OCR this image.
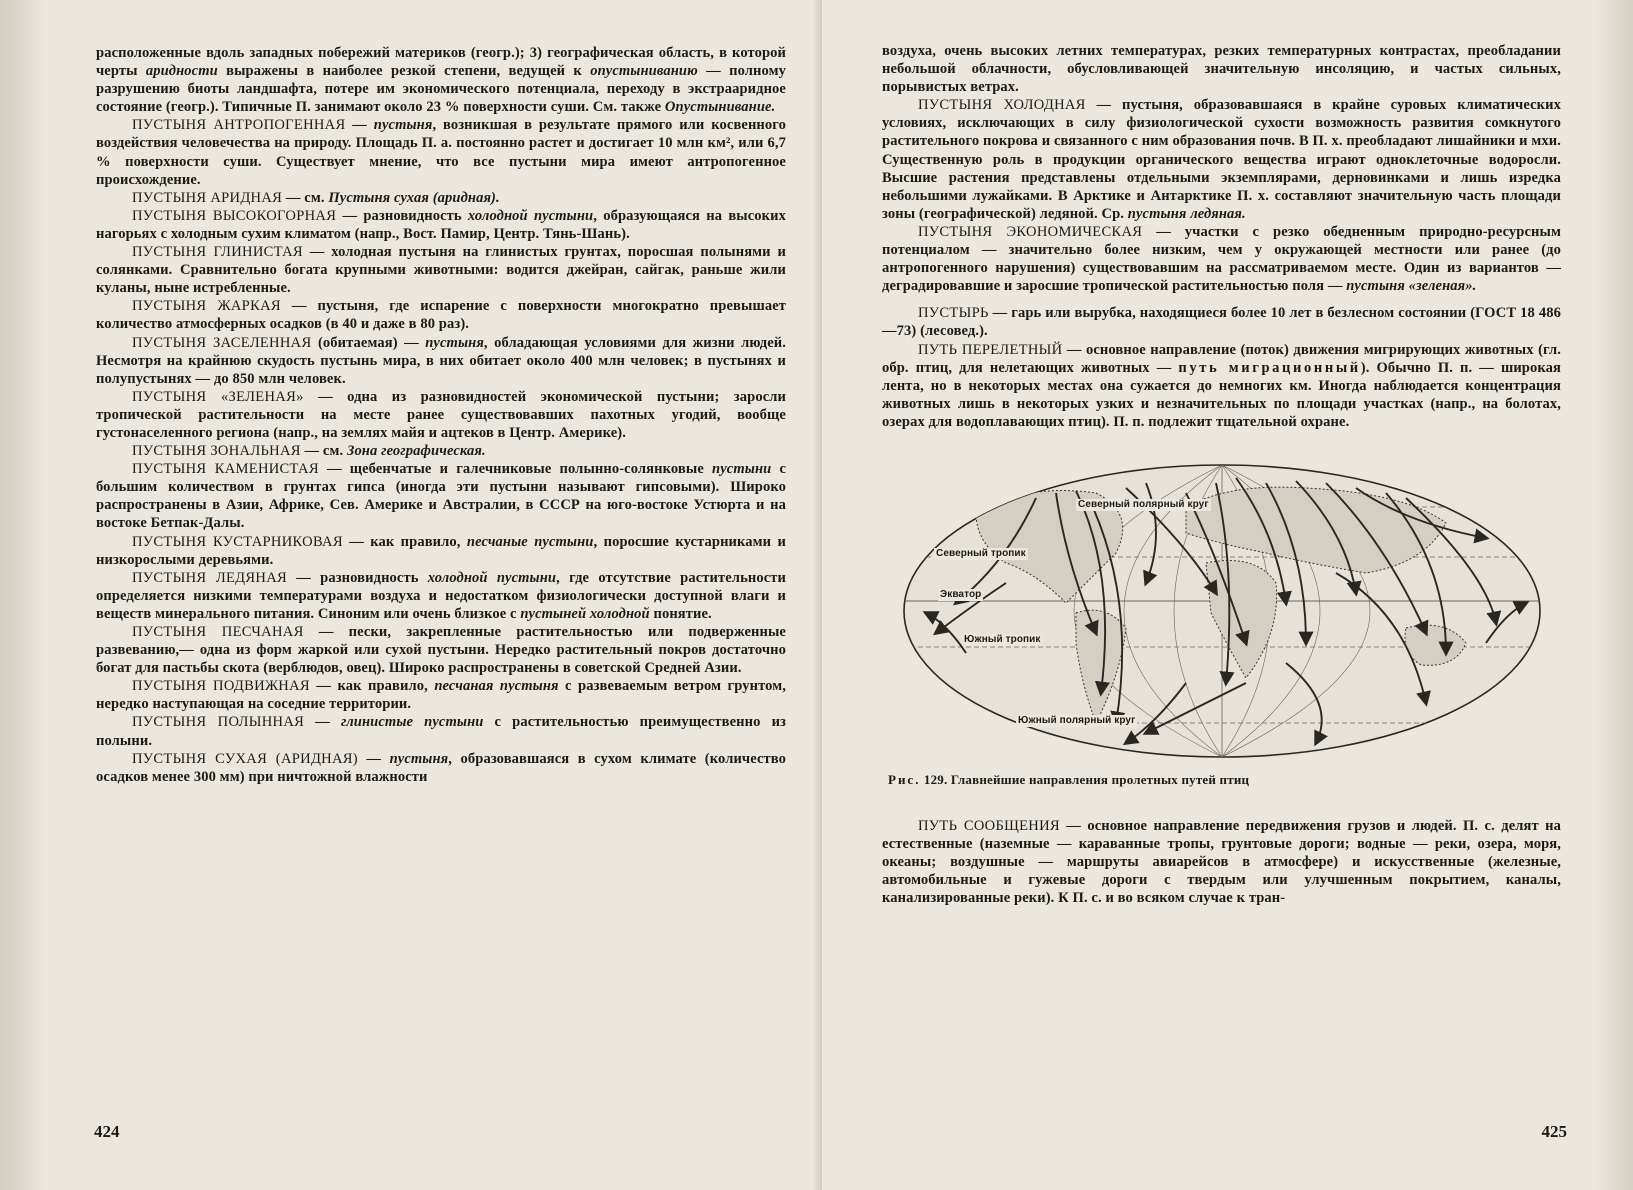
расположенные вдоль западных побережий материков (геогр.); 3) географическая область, в которой черты аридности выражены в наиболее резкой степени, ведущей к опустыниванию — полному разрушению биоты ландшафта, потере им экономического потенциала, переходу в экстрааридное состояние (геогр.). Типичные П. занимают около 23 % поверхности суши. См. также Опустынивание.

ПУСТЫНЯ АНТРОПОГЕННАЯ — пустыня, возникшая в результате прямого или косвенного воздействия человечества на природу. Площадь П. а. постоянно растет и достигает 10 млн км², или 6,7 % поверхности суши. Существует мнение, что все пустыни мира имеют антропогенное происхождение.

ПУСТЫНЯ АРИДНАЯ — см. Пустыня сухая (аридная).

ПУСТЫНЯ ВЫСОКОГОРНАЯ — разновидность холодной пустыни, образующаяся на высоких нагорьях с холодным сухим климатом (напр., Вост. Памир, Центр. Тянь-Шань).

ПУСТЫНЯ ГЛИНИСТАЯ — холодная пустыня на глинистых грунтах, поросшая полынями и солянками. Сравнительно богата крупными животными: водится джейран, сайгак, раньше жили куланы, ныне истребленные.

ПУСТЫНЯ ЖАРКАЯ — пустыня, где испарение с поверхности многократно превышает количество атмосферных осадков (в 40 и даже в 80 раз).

ПУСТЫНЯ ЗАСЕЛЕННАЯ (обитаемая) — пустыня, обладающая условиями для жизни людей. Несмотря на крайнюю скудость пустынь мира, в них обитает около 400 млн человек; в пустынях и полупустынях — до 850 млн человек.

ПУСТЫНЯ «ЗЕЛЕНАЯ» — одна из разновидностей экономической пустыни; заросли тропической растительности на месте ранее существовавших пахотных угодий, вообще густонаселенного региона (напр., на землях майя и ацтеков в Центр. Америке).

ПУСТЫНЯ ЗОНАЛЬНАЯ — см. Зона географическая.

ПУСТЫНЯ КАМЕНИСТАЯ — щебенчатые и галечниковые полынно-солянковые пустыни с большим количеством в грунтах гипса (иногда эти пустыни называют гипсовыми). Широко распространены в Азии, Африке, Сев. Америке и Австралии, в СССР на юго-востоке Устюрта и на востоке Бетпак-Далы.

ПУСТЫНЯ КУСТАРНИКОВАЯ — как правило, песчаные пустыни, поросшие кустарниками и низкорослыми деревьями.

ПУСТЫНЯ ЛЕДЯНАЯ — разновидность холодной пустыни, где отсутствие растительности определяется низкими температурами воздуха и недостатком физиологически доступной влаги и веществ минерального питания. Синоним или очень близкое с пустыней холодной понятие.

ПУСТЫНЯ ПЕСЧАНАЯ — пески, закрепленные растительностью или подверженные развеванию,— одна из форм жаркой или сухой пустыни. Нередко растительный покров достаточно богат для пастьбы скота (верблюдов, овец). Широко распространены в советской Средней Азии.

ПУСТЫНЯ ПОДВИЖНАЯ — как правило, песчаная пустыня с развеваемым ветром грунтом, нередко наступающая на соседние территории.

ПУСТЫНЯ ПОЛЫННАЯ — глинистые пустыни с растительностью преимущественно из полыни.

ПУСТЫНЯ СУХАЯ (АРИДНАЯ) — пустыня, образовавшаяся в сухом климате (количество осадков менее 300 мм) при ничтожной влажности

424

воздуха, очень высоких летних температурах, резких температурных контрастах, преобладании небольшой облачности, обусловливающей значительную инсоляцию, и частых сильных, порывистых ветрах.

ПУСТЫНЯ ХОЛОДНАЯ — пустыня, образовавшаяся в крайне суровых климатических условиях, исключающих в силу физиологической сухости возможность развития сомкнутого растительного покрова и связанного с ним образования почв. В П. х. преобладают лишайники и мхи. Существенную роль в продукции органического вещества играют одноклеточные водоросли. Высшие растения представлены отдельными экземплярами, дерновинками и лишь изредка небольшими лужайками. В Арктике и Антарктике П. х. составляют значительную часть площади зоны (географической) ледяной. Ср. пустыня ледяная.

ПУСТЫНЯ ЭКОНОМИЧЕСКАЯ — участки с резко обедненным природно-ресурсным потенциалом — значительно более низким, чем у окружающей местности или ранее (до антропогенного нарушения) существовавшим на рассматриваемом месте. Один из вариантов — деградировавшие и заросшие тропической растительностью поля — пустыня «зеленая».

ПУСТЫРЬ — гарь или вырубка, находящиеся более 10 лет в безлесном состоянии (ГОСТ 18 486—73) (лесовед.).

ПУТЬ ПЕРЕЛЕТНЫЙ — основное направление (поток) движения мигрирующих животных (гл. обр. птиц, для нелетающих животных — путь миграционный). Обычно П. п. — широкая лента, но в некоторых местах она сужается до немногих км. Иногда наблюдается концентрация животных лишь в некоторых узких и незначительных по площади участках (напр., на болотах, озерах для водоплавающих птиц). П. п. подлежит тщательной охране.

Северный полярный круг
Северный тропик
Экватор
Южный тропик
Южный полярный круг
Рис. 129. Главнейшие направления пролетных путей птиц

ПУТЬ СООБЩЕНИЯ — основное направление передвижения грузов и людей. П. с. делят на естественные (наземные — караванные тропы, грунтовые дороги; водные — реки, озера, моря, океаны; воздушные — маршруты авиарейсов в атмосфере) и искусственные (железные, автомобильные и гужевые дороги с твердым или улучшенным покрытием, каналы, канализированные реки). К П. с. и во всяком случае к тран-

425
